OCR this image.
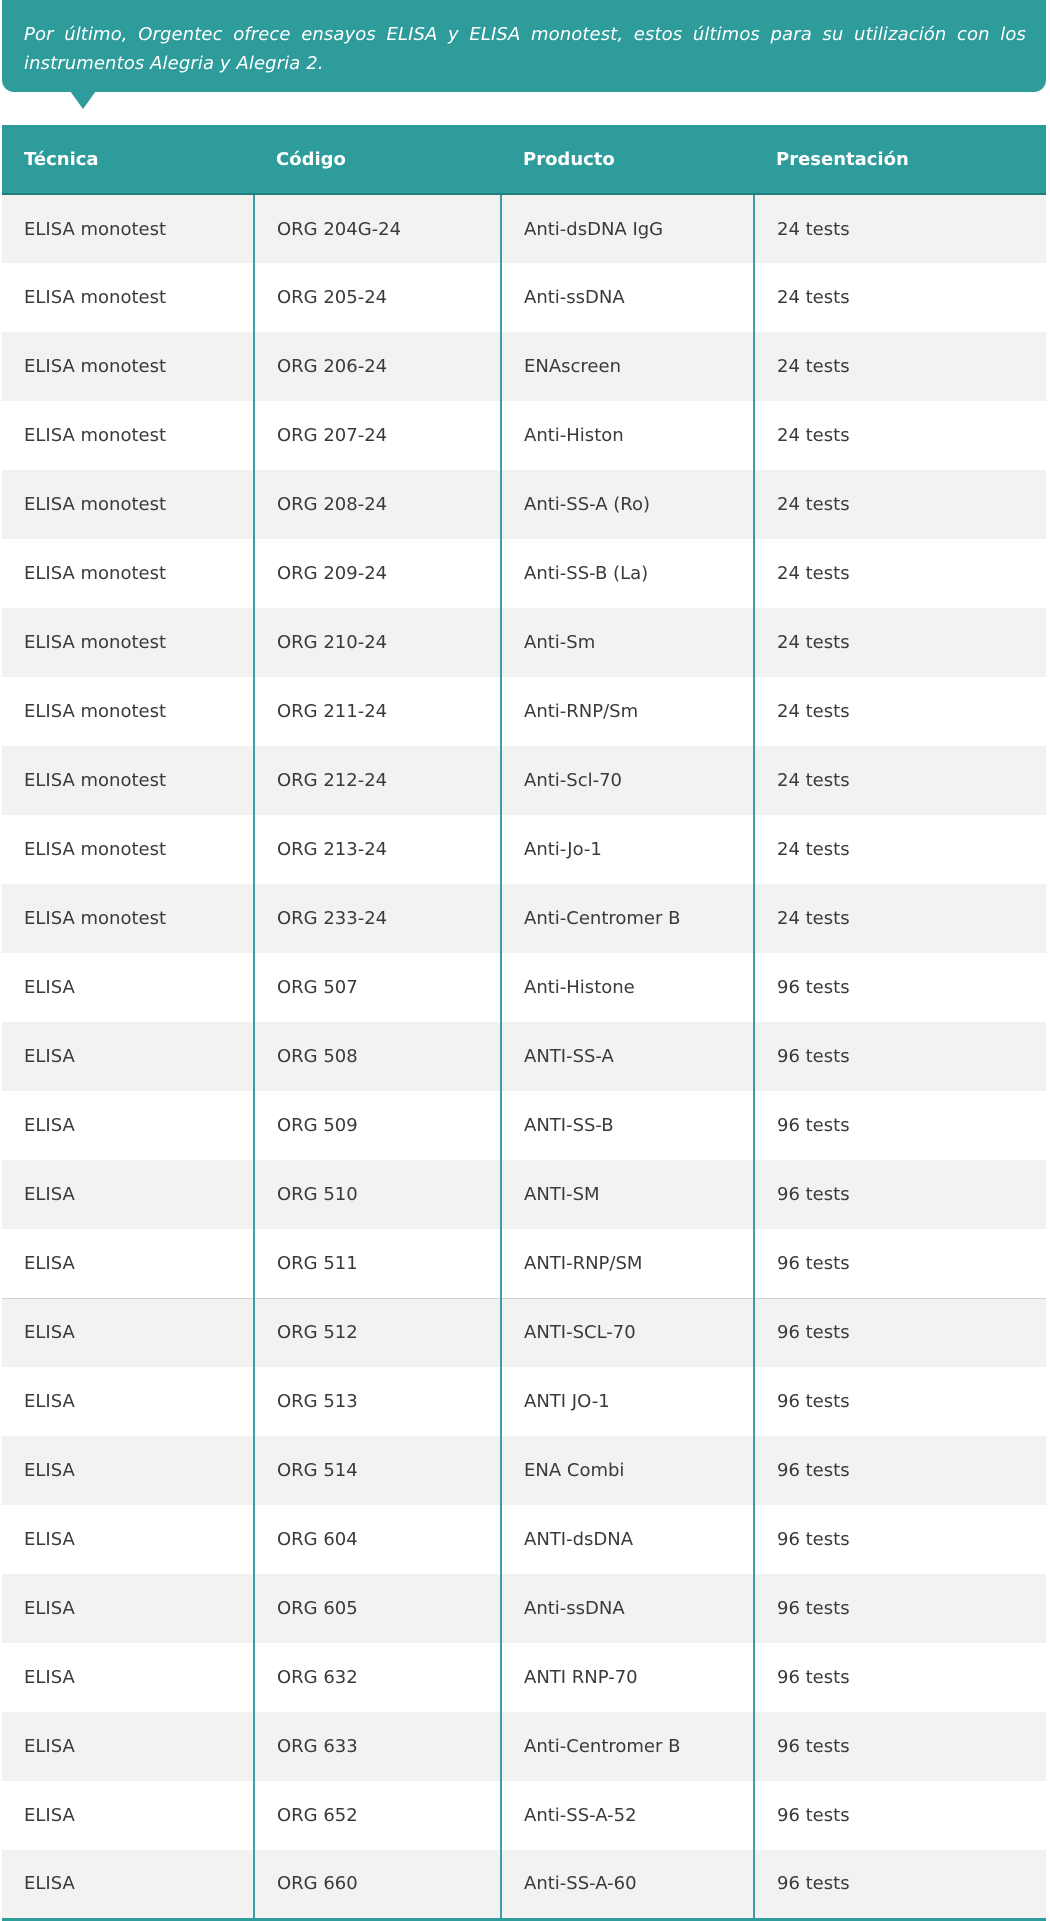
Por último, Orgentec ofrece ensayos ELISA y ELISA monotest, estos últimos para su utilización con los instrumentos Alegria y Alegria 2.
Técnica	Código	Producto	Presentación
ELISA monotest	ORG 204G-24	Anti-dsDNA IgG	24 tests
ELISA monotest	ORG 205-24	Anti-ssDNA	24 tests
ELISA monotest	ORG 206-24	ENAscreen	24 tests
ELISA monotest	ORG 207-24	Anti-Histon	24 tests
ELISA monotest	ORG 208-24	Anti-SS-A (Ro)	24 tests
ELISA monotest	ORG 209-24	Anti-SS-B (La)	24 tests
ELISA monotest	ORG 210-24	Anti-Sm	24 tests
ELISA monotest	ORG 211-24	Anti-RNP/Sm	24 tests
ELISA monotest	ORG 212-24	Anti-Scl-70	24 tests
ELISA monotest	ORG 213-24	Anti-Jo-1	24 tests
ELISA monotest	ORG 233-24	Anti-Centromer B	24 tests
ELISA	ORG 507	Anti-Histone	96 tests
ELISA	ORG 508	ANTI-SS-A	96 tests
ELISA	ORG 509	ANTI-SS-B	96 tests
ELISA	ORG 510	ANTI-SM	96 tests
ELISA	ORG 511	ANTI-RNP/SM	96 tests
ELISA	ORG 512	ANTI-SCL-70	96 tests
ELISA	ORG 513	ANTI JO-1	96 tests
ELISA	ORG 514	ENA Combi	96 tests
ELISA	ORG 604	ANTI-dsDNA	96 tests
ELISA	ORG 605	Anti-ssDNA	96 tests
ELISA	ORG 632	ANTI RNP-70	96 tests
ELISA	ORG 633	Anti-Centromer B	96 tests
ELISA	ORG 652	Anti-SS-A-52	96 tests
ELISA	ORG 660	Anti-SS-A-60	96 tests
